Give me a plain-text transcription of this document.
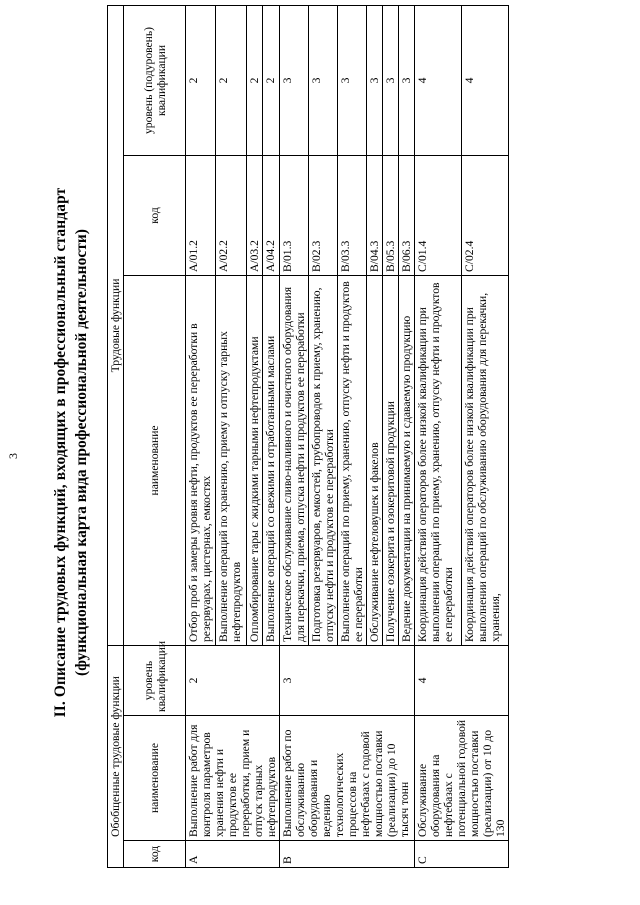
3 II. Описание трудовых функций, входящих в профессиональный стандарт (функциональная карта вида профессиональной деятельности)
Обобщенные трудовые функции			Трудовые функции		
код	наименование	уровень квалификации	наименование	код	уровень (подуровень) квалификации
A	Выполнение работ для контроля параметров хранения нефти и продуктов ее переработки, прием и отпуск тарных нефтепродуктов	2	Отбор проб и замеры уровня нефти, продуктов ее переработки в резервуарах, цистернах, емкостях	A/01.2	2
			Выполнение операций по хранению, приему и отпуску тарных нефтепродуктов	A/02.2	2
			Опломбирование тары с жидкими тарными нефтепродуктами	A/03.2	2
			Выполнение операций со свежими и отработанными маслами	A/04.2	2
B	Выполнение работ по обслуживанию оборудования и ведению технологических процессов на нефтебазах с годовой мощностью поставки (реализации) до 10 тысяч тонн	3	Техническое обслуживание сливо-наливного и очистного оборудования для перекачки, приема, отпуска нефти и продуктов ее переработки	B/01.3	3
			Подготовка резервуаров, емкостей, трубопроводов к приему, хранению, отпуску нефти и продуктов ее переработки	B/02.3	3
			Выполнение операций по приему, хранению, отпуску нефти и продуктов ее переработки	B/03.3	3
			Обслуживание нефтеловушек и факелов	B/04.3	3
			Получение озокерита и озокеритовой продукции	B/05.3	3
			Ведение документации на принимаемую и сдаваемую продукцию	B/06.3	3
C	Обслуживание оборудования на нефтебазах с потенциальной годовой мощностью поставки (реализации) от 10 до 130	4	Координация действий операторов более низкой квалификации при выполнении операций по приему, хранению, отпуску нефти и продуктов ее переработки	C/01.4	4
			Координация действий операторов более низкой квалификации при выполнении операций по обслуживанию оборудования для перекачки, хранения,	C/02.4	4
